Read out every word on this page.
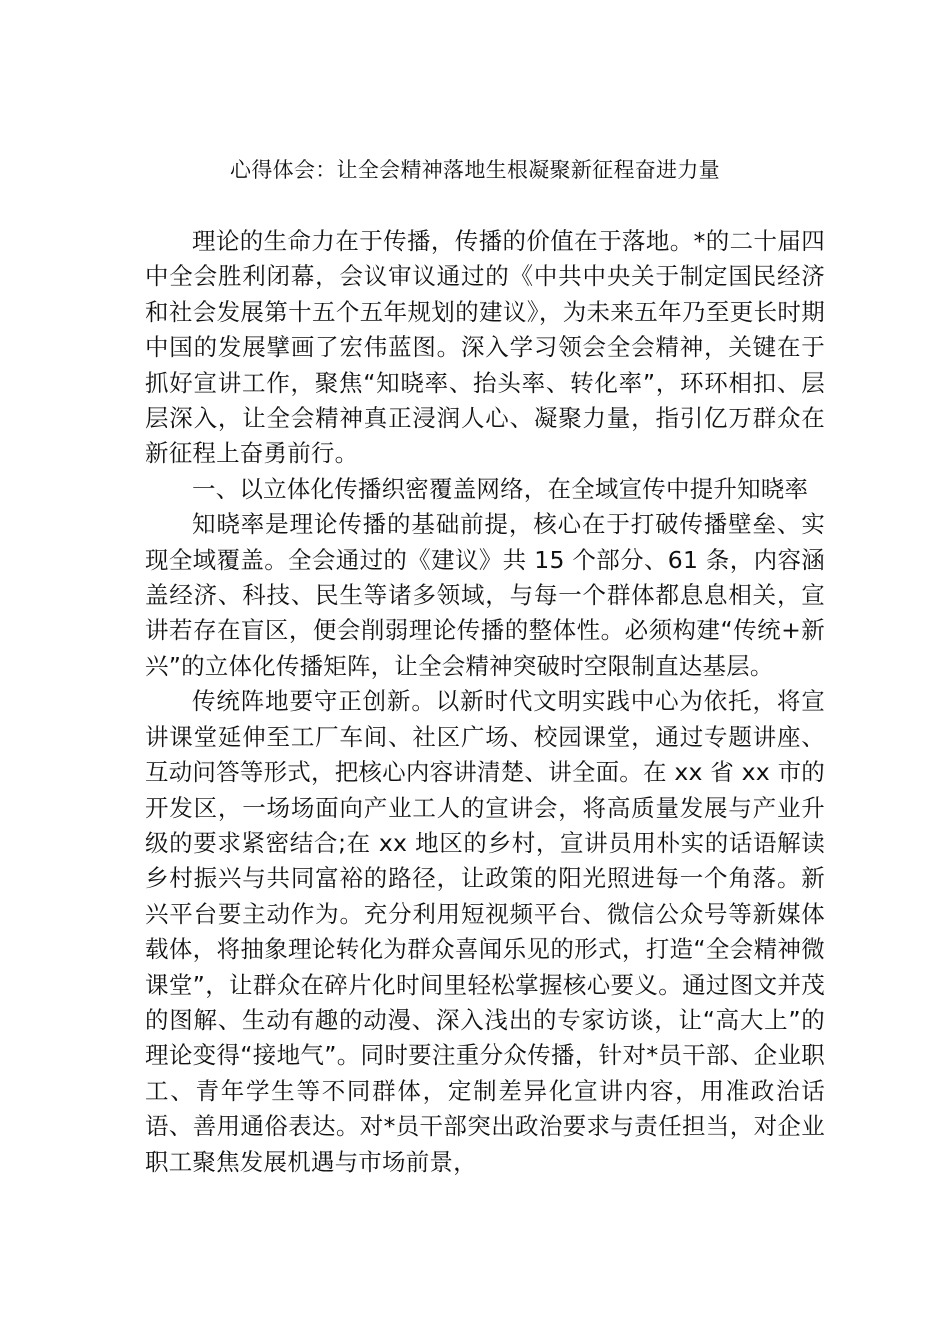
心得体会：让全会精神落地生根凝聚新征程奋进力量

理论的生命力在于传播，传播的价值在于落地。*的二十届四中全会胜利闭幕，会议审议通过的《中共中央关于制定国民经济和社会发展第十五个五年规划的建议》，为未来五年乃至更长时期中国的发展擘画了宏伟蓝图。深入学习领会全会精神，关键在于抓好宣讲工作，聚焦“知晓率、抬头率、转化率”，环环相扣、层层深入，让全会精神真正浸润人心、凝聚力量，指引亿万群众在新征程上奋勇前行。

一、以立体化传播织密覆盖网络，在全域宣传中提升知晓率

知晓率是理论传播的基础前提，核心在于打破传播壁垒、实现全域覆盖。全会通过的《建议》共 15 个部分、61 条，内容涵盖经济、科技、民生等诸多领域，与每一个群体都息息相关，宣讲若存在盲区，便会削弱理论传播的整体性。必须构建“传统+新兴”的立体化传播矩阵，让全会精神突破时空限制直达基层。

传统阵地要守正创新。以新时代文明实践中心为依托，将宣讲课堂延伸至工厂车间、社区广场、校园课堂，通过专题讲座、互动问答等形式，把核心内容讲清楚、讲全面。在 xx 省 xx 市的开发区，一场场面向产业工人的宣讲会，将高质量发展与产业升级的要求紧密结合;在 xx 地区的乡村，宣讲员用朴实的话语解读乡村振兴与共同富裕的路径，让政策的阳光照进每一个角落。新兴平台要主动作为。充分利用短视频平台、微信公众号等新媒体载体，将抽象理论转化为群众喜闻乐见的形式，打造“全会精神微课堂”，让群众在碎片化时间里轻松掌握核心要义。通过图文并茂的图解、生动有趣的动漫、深入浅出的专家访谈，让“高大上”的理论变得“接地气”。同时要注重分众传播，针对*员干部、企业职工、青年学生等不同群体，定制差异化宣讲内容，用准政治话语、善用通俗表达。对*员干部突出政治要求与责任担当，对企业职工聚焦发展机遇与市场前景，
